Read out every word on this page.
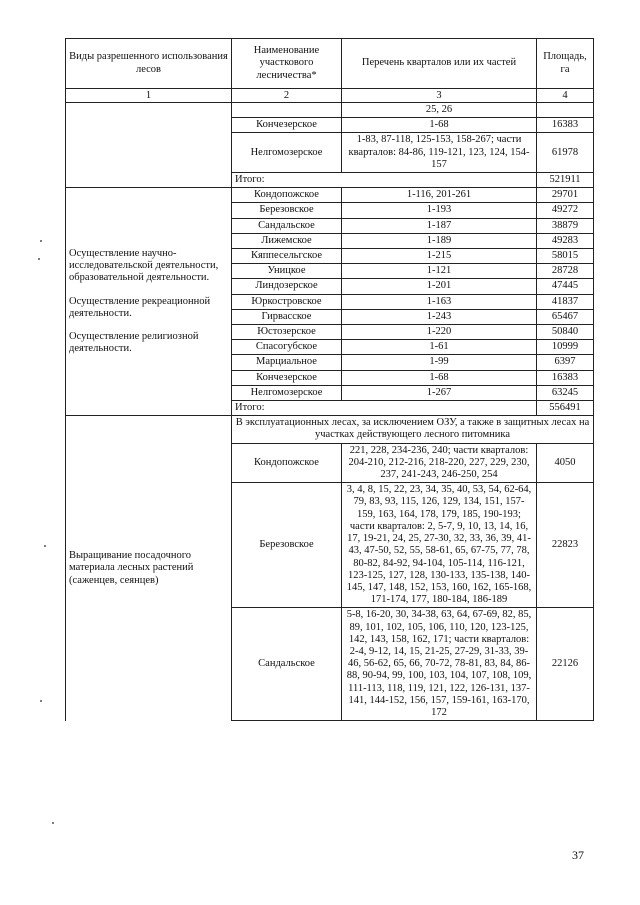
Виды разрешенного использования лесов	Наименование участкового лесничества*	Перечень кварталов или их частей	Площадь, га
1	2	3	4
		25, 26	
	Кончезерское	1-68	16383
	Нелгомозерское	1-83, 87-118, 125-153, 158-267; части кварталов: 84-86, 119-121, 123, 124, 154-157	61978
	Итого:		521911

Осуществление научно-исследовательской деятельности, образовательной деятельности.

Осуществление рекреационной деятельности.

Осуществление религиозной деятельности.	Кондопожское	1-116, 201-261	29701
	Березовское	1-193	49272
	Сандальское	1-187	38879
	Лижемское	1-189	49283
	Кяппесельгское	1-215	58015
	Уницкое	1-121	28728
	Линдозерское	1-201	47445
	Юркостровское	1-163	41837
	Гирвасское	1-243	65467
	Юстозерское	1-220	50840
	Спасогубское	1-61	10999
	Марциальное	1-99	6397
	Кончезерское	1-68	16383
	Нелгомозерское	1-267	63245
	Итого:		556491
Выращивание посадочного материала лесных растений (саженцев, сеянцев)	В эксплуатационных лесах, за исключением ОЗУ, а также в защитных лесах на участках действующего лесного питомника		
	Кондопожское	221, 228, 234-236, 240; части кварталов: 204-210, 212-216, 218-220, 227, 229, 230, 237, 241-243, 246-250, 254	4050
	Березовское	3, 4, 8, 15, 22, 23, 34, 35, 40, 53, 54, 62-64, 79, 83, 93, 115, 126, 129, 134, 151, 157-159, 163, 164, 178, 179, 185, 190-193; части кварталов: 2, 5-7, 9, 10, 13, 14, 16, 17, 19-21, 24, 25, 27-30, 32, 33, 36, 39, 41-43, 47-50, 52, 55, 58-61, 65, 67-75, 77, 78, 80-82, 84-92, 94-104, 105-114, 116-121, 123-125, 127, 128, 130-133, 135-138, 140-145, 147, 148, 152, 153, 160, 162, 165-168, 171-174, 177, 180-184, 186-189	22823
	Сандальское	5-8, 16-20, 30, 34-38, 63, 64, 67-69, 82, 85, 89, 101, 102, 105, 106, 110, 120, 123-125, 142, 143, 158, 162, 171; части кварталов: 2-4, 9-12, 14, 15, 21-25, 27-29, 31-33, 39-46, 56-62, 65, 66, 70-72, 78-81, 83, 84, 86-88, 90-94, 99, 100, 103, 104, 107, 108, 109, 111-113, 118, 119, 121, 122, 126-131, 137-141, 144-152, 156, 157, 159-161, 163-170, 172	22126
37
